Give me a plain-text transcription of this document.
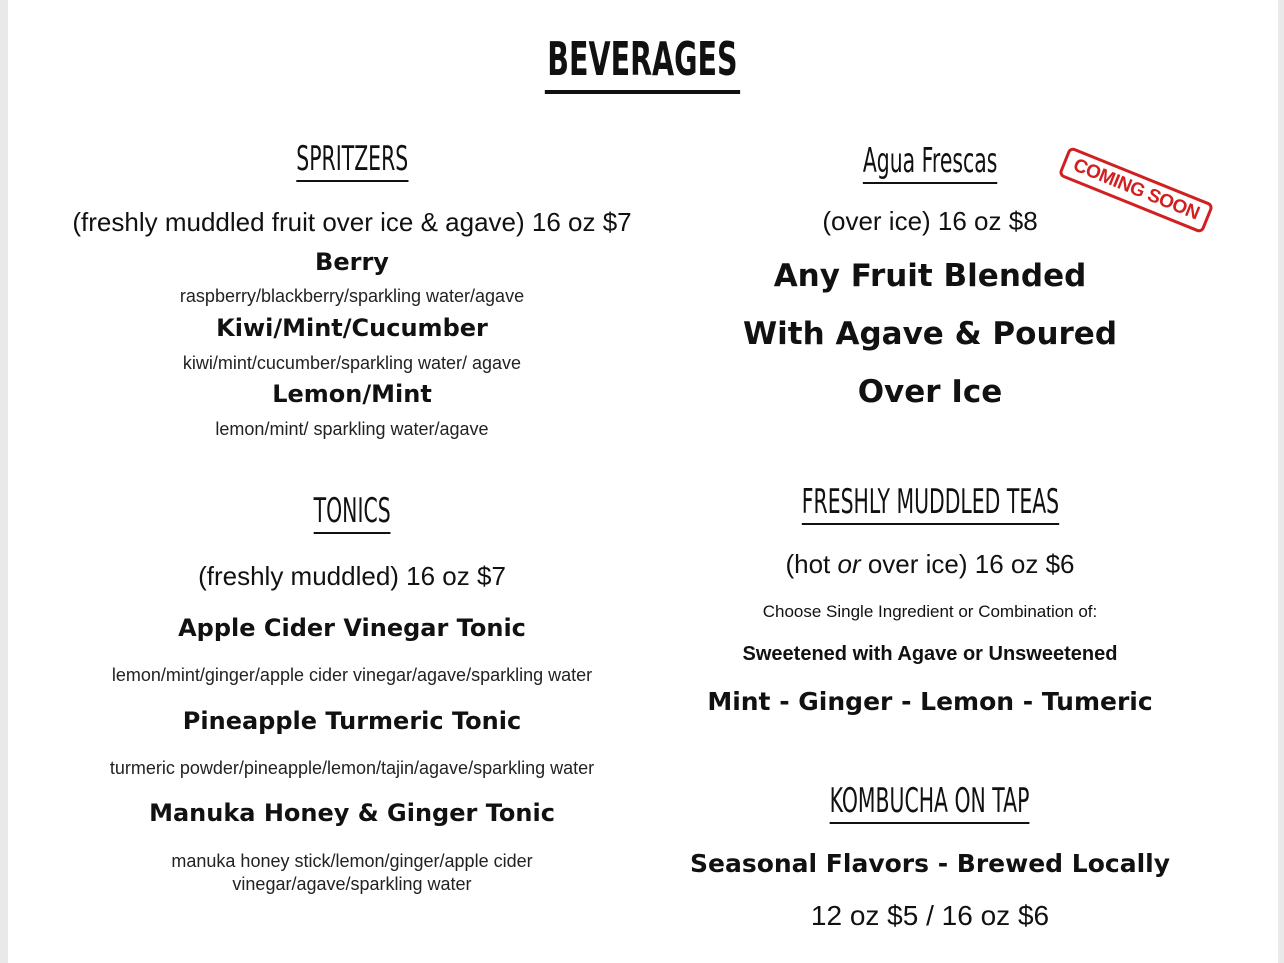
BEVERAGES
SPRITZERS
(freshly muddled fruit over ice & agave) 16 oz $7
Berry
raspberry/blackberry/sparkling water/agave
Kiwi/Mint/Cucumber
kiwi/mint/cucumber/sparkling water/ agave
Lemon/Mint
lemon/mint/ sparkling water/agave
TONICS
(freshly muddled) 16 oz $7
Apple Cider Vinegar Tonic
lemon/mint/ginger/apple cider vinegar/agave/sparkling water
Pineapple Turmeric Tonic
turmeric powder/pineapple/lemon/tajin/agave/sparkling water
Manuka Honey & Ginger Tonic
manuka honey stick/lemon/ginger/apple cider
vinegar/agave/sparkling water
Agua Frescas
(over ice) 16 oz $8
Any Fruit Blended
With Agave & Poured
Over Ice
FRESHLY MUDDLED TEAS
(hot or over ice) 16 oz $6
Choose Single Ingredient or Combination of:
Sweetened with Agave or Unsweetened
Mint - Ginger - Lemon - Tumeric
KOMBUCHA ON TAP
Seasonal Flavors - Brewed Locally
12 oz $5 / 16 oz $6
COMING SOON
